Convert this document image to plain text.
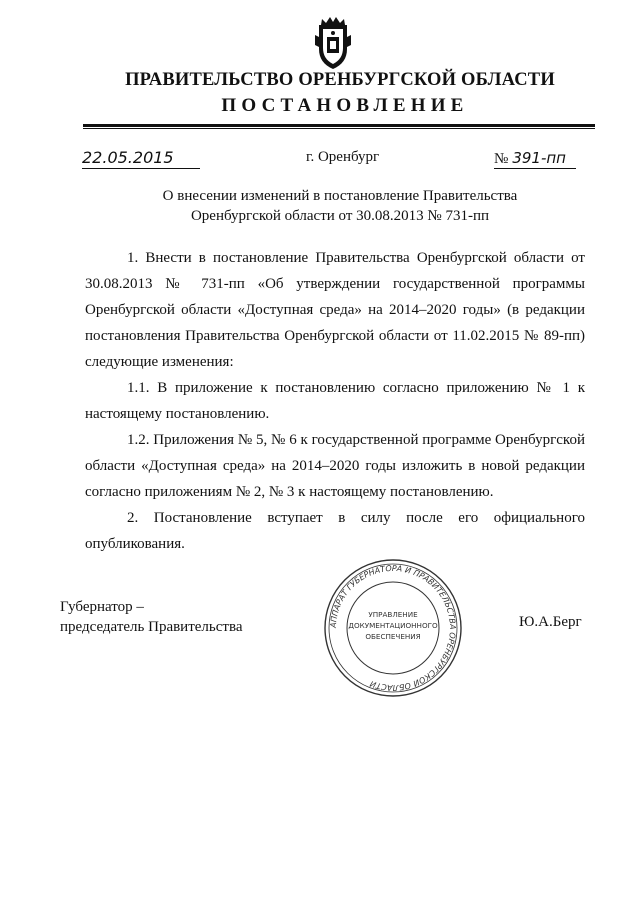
ПРАВИТЕЛЬСТВО ОРЕНБУРГСКОЙ ОБЛАСТИ
ПОСТАНОВЛЕНИЕ
22.05.2015	г. Оренбург	№ 391-пп
О внесении изменений в постановление Правительства
Оренбургской области от 30.08.2013 № 731-пп

1. Внести в постановление Правительства Оренбургской области от 30.08.2013 № 731-пп «Об утверждении государственной программы Оренбургской области «Доступная среда» на 2014–2020 годы» (в редакции постановления Правительства Оренбургской области от 11.02.2015 № 89-пп) следующие изменения:

1.1. В приложение к постановлению согласно приложению № 1 к настоящему постановлению.

1.2. Приложения № 5, № 6 к государственной программе Оренбургской области «Доступная среда» на 2014–2020 годы изложить в новой редакции согласно приложениям № 2, № 3 к настоящему постановлению.

2. Постановление вступает в силу после его официального опубликования.

Губернатор –
председатель Правительства	Ю.А.Берг
АППАРАТ ГУБЕРНАТОРА И ПРАВИТЕЛЬСТВА ОРЕНБУРГСКОЙ ОБЛАСТИ
УПРАВЛЕНИЕ
ДОКУМЕНТАЦИОННОГО
ОБЕСПЕЧЕНИЯ
